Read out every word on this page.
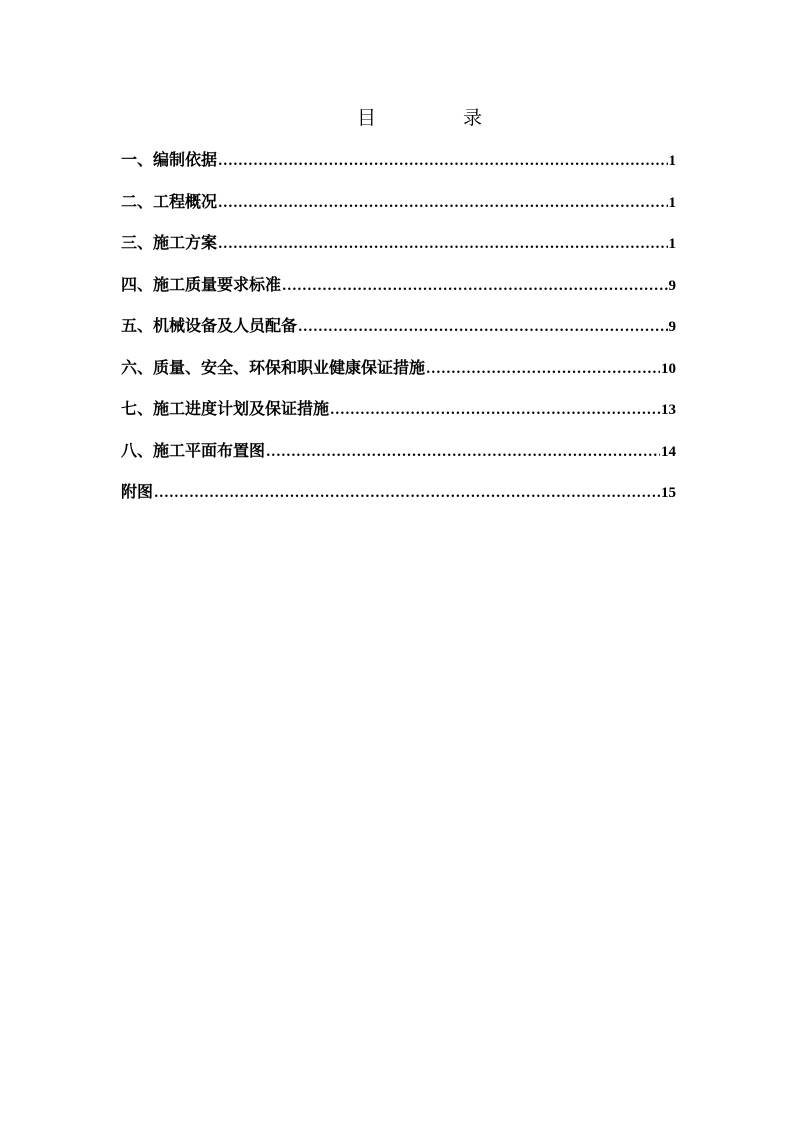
目	录
一、编制依据 .....	1
二、工程概况 .....	1
三、施工方案 .....	1
四、施工质量要求标准 .....	9
五、机械设备及人员配备 .....	9
六、质量、安全、环保和职业健康保证措施 .....	10
七、施工进度计划及保证措施 .....	13
八、施工平面布置图 .....	14
附图 .....	15
